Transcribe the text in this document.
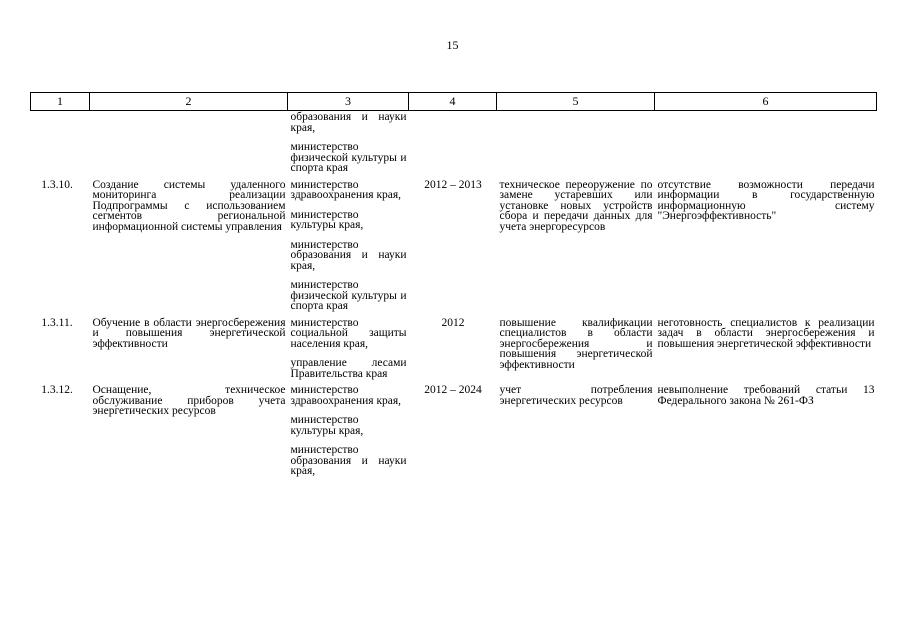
15
1	2	3	4	5	6

		образования и науки края,
министерство физической культуры и спорта края			

1.3.10.	Создание системы удаленного мониторинга реализации Подпрограммы с использованием сегментов региональной информационной системы управления	министерство здравоохранения края,
министерство культуры края,
министерство образования и науки края,
министерство физической культуры и спорта края	2012 – 2013	техническое переоружение по замене устаревших или установке новых устройств сбора и передачи данных для учета энергоресурсов	отсутствие возможности передачи информации в государственную информационную систему "Энергоэффективность"
1.3.11.	Обучение в области энергосбережения и повышения энергетической эффективности	министерство социальной защиты населения края,
управление лесами Правительства края	2012	повышение квалификации специалистов в области энергосбережения и повышения энергетической эффективности	неготовность специалистов к реализации задач в области энергосбережения и повышения энергетической эффективности
1.3.12.	Оснащение, техническое обслуживание приборов учета энергетических ресурсов	министерство здравоохранения края,
министерство культуры края,
министерство образования и науки края,	2012 – 2024	учет потребления энергетических ресурсов	невыполнение требований статьи 13 Федерального закона № 261-ФЗ
